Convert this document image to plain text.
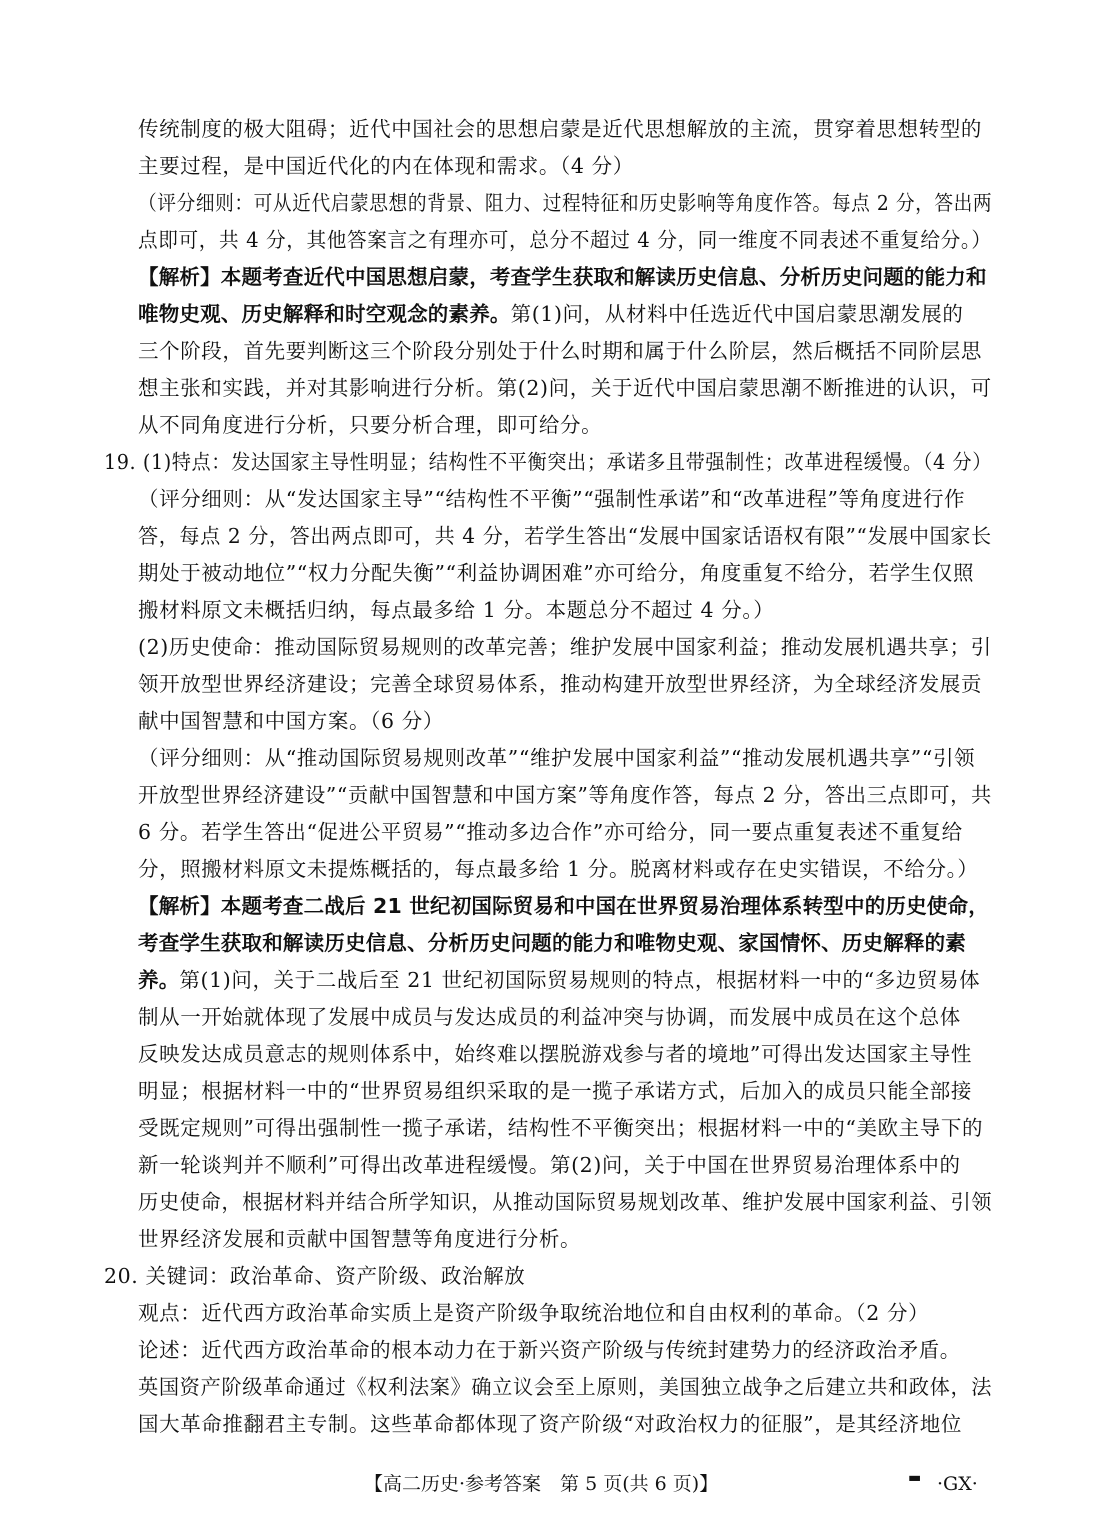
传统制度的极大阻碍；近代中国社会的思想启蒙是近代思想解放的主流，贯穿着思想转型的
主要过程，是中国近代化的内在体现和需求。（4 分）
（评分细则：可从近代启蒙思想的背景、阻力、过程特征和历史影响等角度作答。每点 2 分，答出两
点即可，共 4 分，其他答案言之有理亦可，总分不超过 4 分，同一维度不同表述不重复给分。）
【解析】本题考查近代中国思想启蒙，考查学生获取和解读历史信息、分析历史问题的能力和
唯物史观、历史解释和时空观念的素养。第(1)问，从材料中任选近代中国启蒙思潮发展的
三个阶段，首先要判断这三个阶段分别处于什么时期和属于什么阶层，然后概括不同阶层思
想主张和实践，并对其影响进行分析。第(2)问，关于近代中国启蒙思潮不断推进的认识，可
从不同角度进行分析，只要分析合理，即可给分。
19. (1)特点：发达国家主导性明显；结构性不平衡突出；承诺多且带强制性；改革进程缓慢。（4 分）
（评分细则：从“发达国家主导”“结构性不平衡”“强制性承诺”和“改革进程”等角度进行作
答，每点 2 分，答出两点即可，共 4 分，若学生答出“发展中国家话语权有限”“发展中国家长
期处于被动地位”“权力分配失衡”“利益协调困难”亦可给分，角度重复不给分，若学生仅照
搬材料原文未概括归纳，每点最多给 1 分。本题总分不超过 4 分。）
(2)历史使命：推动国际贸易规则的改革完善；维护发展中国家利益；推动发展机遇共享；引
领开放型世界经济建设；完善全球贸易体系，推动构建开放型世界经济，为全球经济发展贡
献中国智慧和中国方案。（6 分）
（评分细则：从“推动国际贸易规则改革”“维护发展中国家利益”“推动发展机遇共享”“引领
开放型世界经济建设”“贡献中国智慧和中国方案”等角度作答，每点 2 分，答出三点即可，共
6 分。若学生答出“促进公平贸易”“推动多边合作”亦可给分，同一要点重复表述不重复给
分，照搬材料原文未提炼概括的，每点最多给 1 分。脱离材料或存在史实错误，不给分。）
【解析】本题考查二战后 21 世纪初国际贸易和中国在世界贸易治理体系转型中的历史使命，
考查学生获取和解读历史信息、分析历史问题的能力和唯物史观、家国情怀、历史解释的素
养。第(1)问，关于二战后至 21 世纪初国际贸易规则的特点，根据材料一中的“多边贸易体
制从一开始就体现了发展中成员与发达成员的利益冲突与协调，而发展中成员在这个总体
反映发达成员意志的规则体系中，始终难以摆脱游戏参与者的境地”可得出发达国家主导性
明显；根据材料一中的“世界贸易组织采取的是一揽子承诺方式，后加入的成员只能全部接
受既定规则”可得出强制性一揽子承诺，结构性不平衡突出；根据材料一中的“美欧主导下的
新一轮谈判并不顺利”可得出改革进程缓慢。第(2)问，关于中国在世界贸易治理体系中的
历史使命，根据材料并结合所学知识，从推动国际贸易规划改革、维护发展中国家利益、引领
世界经济发展和贡献中国智慧等角度进行分析。
20. 关键词：政治革命、资产阶级、政治解放
观点：近代西方政治革命实质上是资产阶级争取统治地位和自由权利的革命。（2 分）
论述：近代西方政治革命的根本动力在于新兴资产阶级与传统封建势力的经济政治矛盾。
英国资产阶级革命通过《权利法案》确立议会至上原则，美国独立战争之后建立共和政体，法
国大革命推翻君主专制。这些革命都体现了资产阶级“对政治权力的征服”，是其经济地位
【高二历史·参考答案　第 5 页(共 6 页)】	▬ ·GX·
